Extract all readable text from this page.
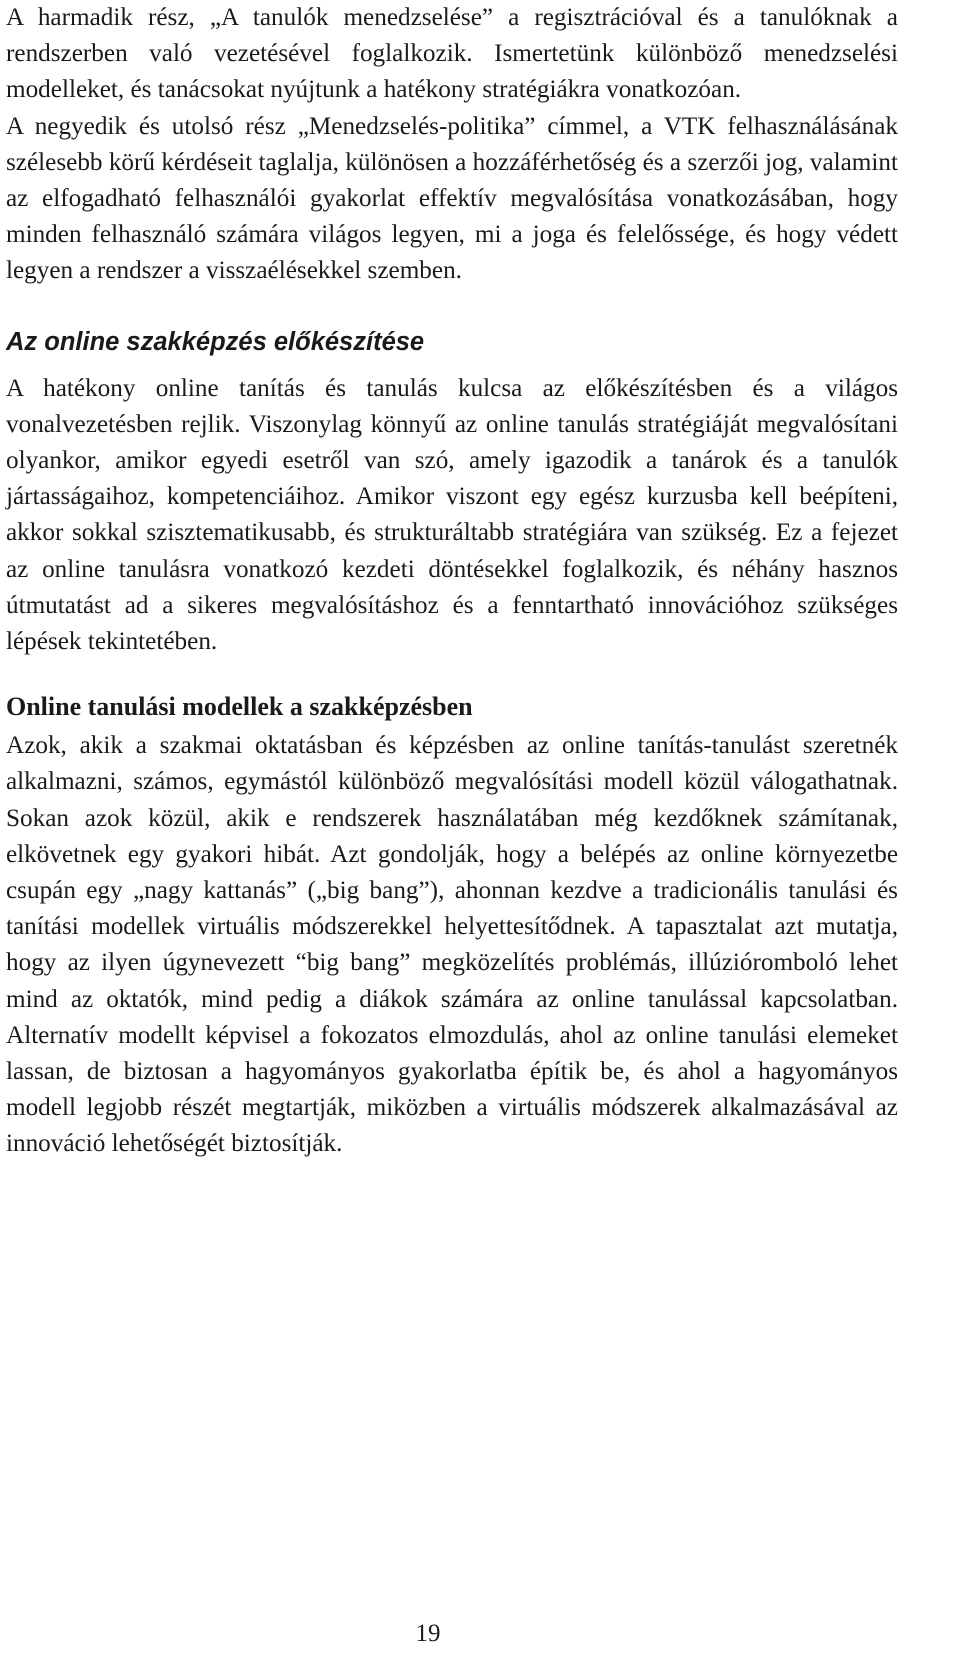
A harmadik rész, „A tanulók menedzselése” a regisztrációval és a tanulóknak a rendszerben való vezetésével foglalkozik. Ismertetünk különböző menedzselési modelleket, és tanácsokat nyújtunk a hatékony stratégiákra vonatkozóan.

A negyedik és utolsó rész „Menedzselés-politika” címmel, a VTK felhasználásának szélesebb körű kérdéseit taglalja, különösen a hozzáférhetőség és a szerzői jog, valamint az elfogadható felhasználói gyakorlat effektív megvalósítása vonatkozásában, hogy minden felhasználó számára világos legyen, mi a joga és felelőssége, és hogy védett legyen a rendszer a visszaélésekkel szemben.

Az online szakképzés előkészítése

A hatékony online tanítás és tanulás kulcsa az előkészítésben és a világos vonalvezetésben rejlik. Viszonylag könnyű az online tanulás stratégiáját megvalósítani olyankor, amikor egyedi esetről van szó, amely igazodik a tanárok és a tanulók jártasságaihoz, kompetenciáihoz. Amikor viszont egy egész kurzusba kell beépíteni, akkor sokkal szisztematikusabb, és strukturáltabb stratégiára van szükség. Ez a fejezet az online tanulásra vonatkozó kezdeti döntésekkel foglalkozik, és néhány hasznos útmutatást ad a sikeres megvalósításhoz és a fenntartható innovációhoz szükséges lépések tekintetében.

Online tanulási modellek a szakképzésben

Azok, akik a szakmai oktatásban és képzésben az online tanítás-tanulást szeretnék alkalmazni, számos, egymástól különböző megvalósítási modell közül válogathatnak. Sokan azok közül, akik e rendszerek használatában még kezdőknek számítanak, elkövetnek egy gyakori hibát. Azt gondolják, hogy a belépés az online környezetbe csupán egy „nagy kattanás” („big bang”), ahonnan kezdve a tradicionális tanulási és tanítási modellek virtuális módszerekkel helyettesítődnek. A tapasztalat azt mutatja, hogy az ilyen úgynevezett “big bang” megközelítés problémás, illúzióromboló lehet mind az oktatók, mind pedig a diákok számára az online tanulással kapcsolatban. Alternatív modellt képvisel a fokozatos elmozdulás, ahol az online tanulási elemeket lassan, de biztosan a hagyományos gyakorlatba építik be, és ahol a hagyományos modell legjobb részét megtartják, miközben a virtuális módszerek alkalmazásával az innováció lehetőségét biztosítják.

19
